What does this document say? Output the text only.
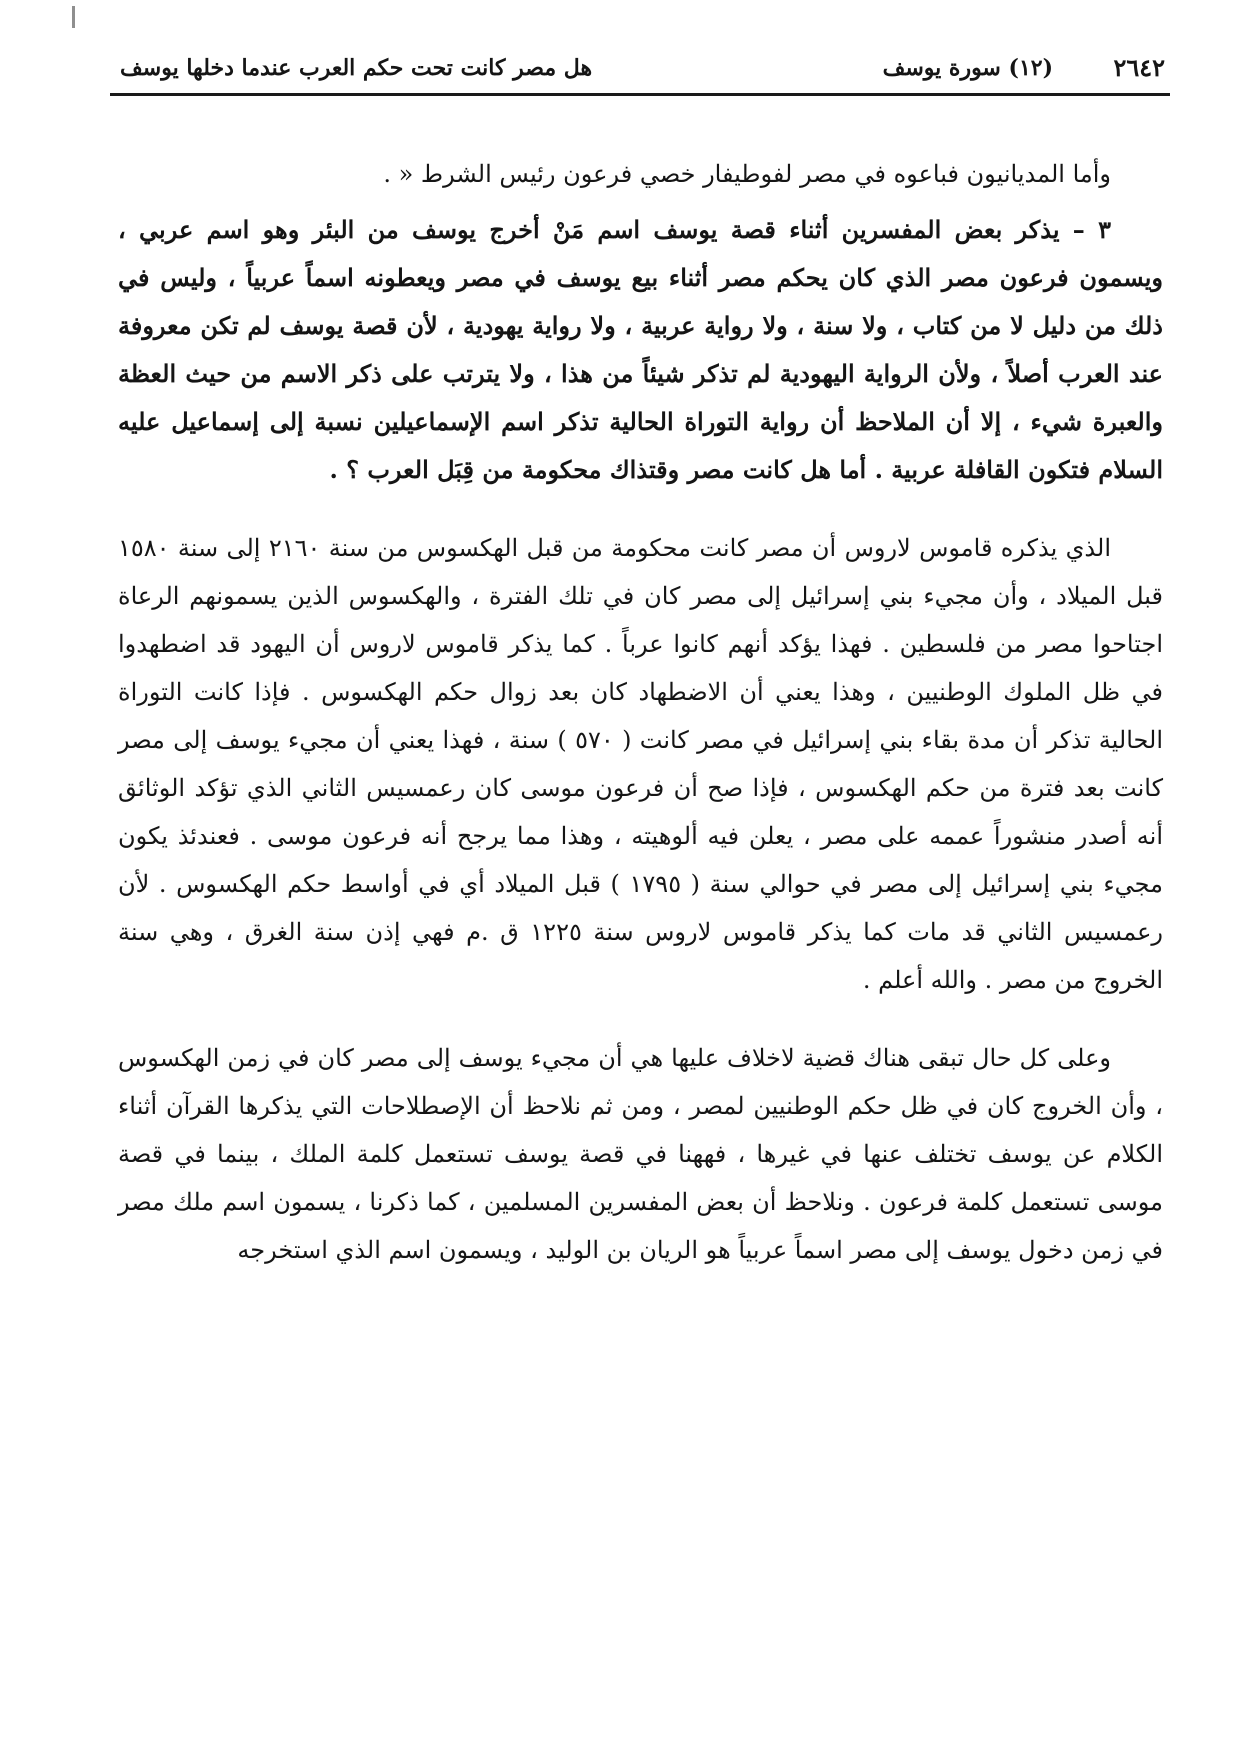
٢٦٤٢
(١٢) سورة يوسف
هل مصر كانت تحت حكم العرب عندما دخلها يوسف

وأما المديانيون فباعوه في مصر لفوطيفار خصي فرعون رئيس الشرط « .

٣ – يذكر بعض المفسرين أثناء قصة يوسف اسم مَنْ أخرج يوسف من البئر وهو اسم عربي ، ويسمون فرعون مصر الذي كان يحكم مصر أثناء بيع يوسف في مصر ويعطونه اسماً عربياً ، وليس في ذلك من دليل لا من كتاب ، ولا سنة ، ولا رواية عربية ، ولا رواية يهودية ، لأن قصة يوسف لم تكن معروفة عند العرب أصلاً ، ولأن الرواية اليهودية لم تذكر شيئاً من هذا ، ولا يترتب على ذكر الاسم من حيث العظة والعبرة شيء ، إلا أن الملاحظ أن رواية التوراة الحالية تذكر اسم الإسماعيلين نسبة إلى إسماعيل عليه السلام فتكون القافلة عربية . أما هل كانت مصر وقتذاك محكومة من قِبَل العرب ؟ .

الذي يذكره قاموس لاروس أن مصر كانت محكومة من قبل الهكسوس من سنة ٢١٦٠ إلى سنة ١٥٨٠ قبل الميلاد ، وأن مجيء بني إسرائيل إلى مصر كان في تلك الفترة ، والهكسوس الذين يسمونهم الرعاة اجتاحوا مصر من فلسطين . فهذا يؤكد أنهم كانوا عرباً . كما يذكر قاموس لاروس أن اليهود قد اضطهدوا في ظل الملوك الوطنيين ، وهذا يعني أن الاضطهاد كان بعد زوال حكم الهكسوس . فإذا كانت التوراة الحالية تذكر أن مدة بقاء بني إسرائيل في مصر كانت ( ٥٧٠ ) سنة ، فهذا يعني أن مجيء يوسف إلى مصر كانت بعد فترة من حكم الهكسوس ، فإذا صح أن فرعون موسى كان رعمسيس الثاني الذي تؤكد الوثائق أنه أصدر منشوراً عممه على مصر ، يعلن فيه ألوهيته ، وهذا مما يرجح أنه فرعون موسى . فعندئذ يكون مجيء بني إسرائيل إلى مصر في حوالي سنة ( ١٧٩٥ ) قبل الميلاد أي في أواسط حكم الهكسوس . لأن رعمسيس الثاني قد مات كما يذكر قاموس لاروس سنة ١٢٢٥ ق .م فهي إذن سنة الغرق ، وهي سنة الخروج من مصر . والله أعلم .

وعلى كل حال تبقى هناك قضية لاخلاف عليها هي أن مجيء يوسف إلى مصر كان في زمن الهكسوس ، وأن الخروج كان في ظل حكم الوطنيين لمصر ، ومن ثم نلاحظ أن الإصطلاحات التي يذكرها القرآن أثناء الكلام عن يوسف تختلف عنها في غيرها ، فههنا في قصة يوسف تستعمل كلمة الملك ، بينما في قصة موسى تستعمل كلمة فرعون . ونلاحظ أن بعض المفسرين المسلمين ، كما ذكرنا ، يسمون اسم ملك مصر في زمن دخول يوسف إلى مصر اسماً عربياً هو الريان بن الوليد ، ويسمون اسم الذي استخرجه
